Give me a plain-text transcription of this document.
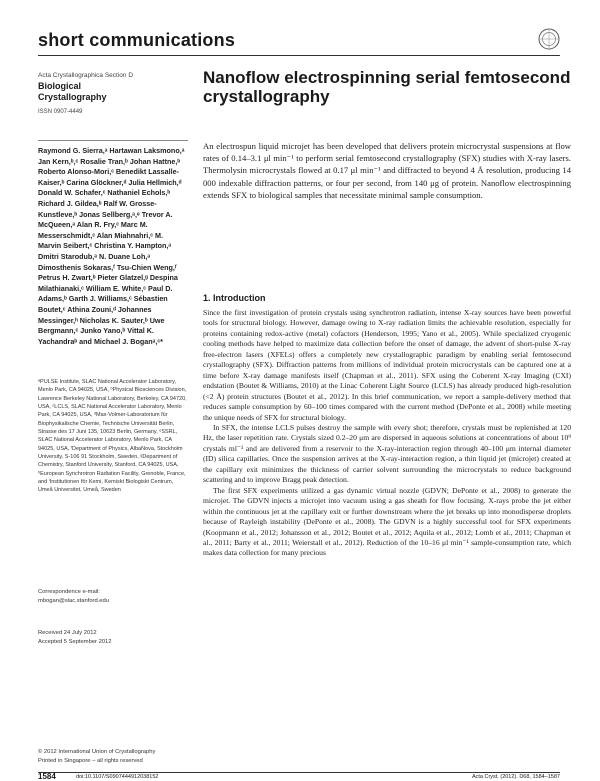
short communications
Acta Crystallographica Section D
Biological
Crystallography
ISSN 0907-4449
Nanoflow electrospinning serial femtosecond crystallography
An electrospun liquid microjet has been developed that delivers protein microcrystal suspensions at flow rates of 0.14–3.1 μl min⁻¹ to perform serial femtosecond crystallography (SFX) studies with X-ray lasers. Thermolysin microcrystals flowed at 0.17 μl min⁻¹ and diffracted to beyond 4 Å resolution, producing 14 000 indexable diffraction patterns, or four per second, from 140 μg of protein. Nanoflow electrospinning extends SFX to biological samples that necessitate minimal sample consumption.
Raymond G. Sierra,ᵃ Hartawan Laksmono,ᵃ Jan Kern,ᵇ,ᶜ Rosalie Tran,ᵇ Johan Hattne,ᵇ Roberto Alonso-Mori,ᶜ Benedikt Lassalle-Kaiser,ᵇ Carina Glöckner,ᵈ Julia Hellmich,ᵈ Donald W. Schafer,ᶜ Nathaniel Echols,ᵇ Richard J. Gildea,ᵇ Ralf W. Grosse-Kunstleve,ᵇ Jonas Sellberg,ᵃ,ᵉ Trevor A. McQueen,ᵃ Alan R. Fry,ᶜ Marc M. Messerschmidt,ᶜ Alan Miahnahri,ᶜ M. Marvin Seibert,ᶜ Christina Y. Hampton,ᵃ Dmitri Starodub,ᵃ N. Duane Loh,ᵃ Dimosthenis Sokaras,ᶠ Tsu-Chien Weng,ᶠ Petrus H. Zwart,ᵇ Pieter Glatzel,ᵍ Despina Milathianaki,ᶜ William E. White,ᶜ Paul D. Adams,ᵇ Garth J. Williams,ᶜ Sébastien Boutet,ᶜ Athina Zouni,ᵈ Johannes Messinger,ʰ Nicholas K. Sauter,ᵇ Uwe Bergmann,ᶜ Junko Yano,ᵇ Vittal K. Yachandraᵇ and Michael J. Boganᵃ,ᶜ*
ᵃPULSE Institute, SLAC National Accelerator Laboratory, Menlo Park, CA 94025, USA, ᵇPhysical Biosciences Division, Lawrence Berkeley National Laboratory, Berkeley, CA 94720, USA, ᶜLCLS, SLAC National Accelerator Laboratory, Menlo Park, CA 94025, USA, ᵈMax-Volmer-Laboratorium für Biophysikalische Chemie, Technische Universität Berlin, Strasse des 17 Juni 135, 10623 Berlin, Germany, ᵉSSRL, SLAC National Accelerator Laboratory, Menlo Park, CA 94025, USA, ᶠDepartment of Physics, AlbaNova, Stockholm University, S-106 91 Stockholm, Sweden, ᵍDepartment of Chemistry, Stanford University, Stanford, CA 94025, USA, ʰEuropean Synchrotron Radiation Facility, Grenoble, France, and ⁱInstitutionen för Kemi, Kemiskt Biologiskt Centrum, Umeå Universitet, Umeå, Sweden
Correspondence e-mail:
mbogan@slac.stanford.edu
Received 24 July 2012
Accepted 5 September 2012
© 2012 International Union of Crystallography
Printed in Singapore – all rights reserved
1. Introduction

Since the first investigation of protein crystals using synchrotron radiation, intense X-ray sources have been powerful tools for structural biology. However, damage owing to X-ray radiation limits the achievable resolution, especially for proteins containing redox-active (metal) cofactors (Henderson, 1995; Yano et al., 2005). While specialized cryogenic cooling methods have helped to maximize data collection before the onset of damage, the advent of short-pulse X-ray free-electron lasers (XFELs) offers a completely new crystallographic paradigm by enabling serial femtosecond crystallography (SFX). Diffraction patterns from millions of individual protein microcrystals can be captured one at a time before X-ray damage manifests itself (Chapman et al., 2011). SFX using the Coherent X-ray Imaging (CXI) endstation (Boutet & Williams, 2010) at the Linac Coherent Light Source (LCLS) has already produced high-resolution (<2 Å) protein structures (Boutet et al., 2012). In this brief communication, we report a sample-delivery method that reduces sample consumption by 60–100 times compared with the current method (DePonte et al., 2008) while meeting the unique needs of SFX for structural biology.

In SFX, the intense LCLS pulses destroy the sample with every shot; therefore, crystals must be replenished at 120 Hz, the laser repetition rate. Crystals sized 0.2–20 μm are dispersed in aqueous solutions at concentrations of about 10⁹ crystals ml⁻¹ and are delivered from a reservoir to the X-ray-interaction region through 40–100 μm internal diameter (ID) silica capillaries. Once the suspension arrives at the X-ray-interaction region, a thin liquid jet (microjet) created at the capillary exit minimizes the thickness of carrier solvent surrounding the microcrystals to reduce background scattering and to improve Bragg peak detection.

The first SFX experiments utilized a gas dynamic virtual nozzle (GDVN; DePonte et al., 2008) to generate the microjet. The GDVN injects a microjet into vacuum using a gas sheath for flow focusing. X-rays probe the jet either within the continuous jet at the capillary exit or further downstream where the jet breaks up into monodisperse droplets because of Rayleigh instability (DePonte et al., 2008). The GDVN is a highly successful tool for SFX experiments (Koopmann et al., 2012; Johansson et al., 2012; Boutet et al., 2012; Aquila et al., 2012; Lomb et al., 2011; Chapman et al., 2011; Barty et al., 2011; Weierstall et al., 2012). Reduction of the 10–16 μl min⁻¹ sample-consumption rate, which makes data collection for many precious

1584	doi:10.1107/S0907444912038152	Acta Cryst. (2012). D68, 1584–1587
